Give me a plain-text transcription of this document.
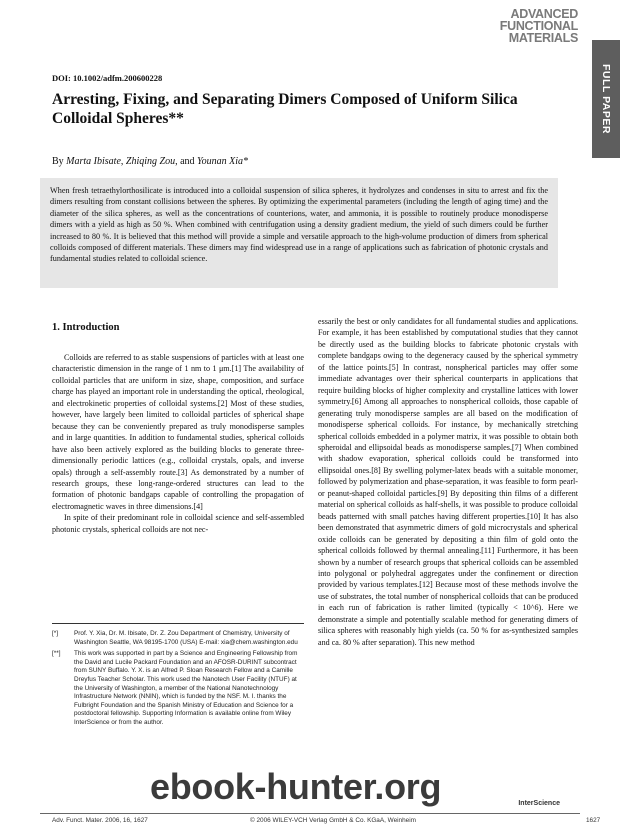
ADVANCED
FUNCTIONAL
MATERIALS
FULL PAPER
DOI: 10.1002/adfm.200600228
Arresting, Fixing, and Separating Dimers Composed of Uniform Silica Colloidal Spheres**
By Marta Ibisate, Zhiqing Zou, and Younan Xia*
When fresh tetraethylorthosilicate is introduced into a colloidal suspension of silica spheres, it hydrolyzes and condenses in situ to arrest and fix the dimers resulting from constant collisions between the spheres. By optimizing the experimental parameters (including the length of aging time) and the diameter of the silica spheres, as well as the concentrations of counterions, water, and ammonia, it is possible to routinely produce monodisperse dimers with a yield as high as 50 %. When combined with centrifugation using a density gradient medium, the yield of such dimers could be further increased to 80 %. It is believed that this method will provide a simple and versatile approach to the high-volume production of dimers from spherical colloids composed of different materials. These dimers may find widespread use in a range of applications such as fabrication of photonic crystals and fundamental studies related to colloidal science.
1. Introduction

Colloids are referred to as stable suspensions of particles with at least one characteristic dimension in the range of 1 nm to 1 μm.[1] The availability of colloidal particles that are uniform in size, shape, composition, and surface charge has played an important role in understanding the optical, rheological, and electrokinetic properties of colloidal systems.[2] Most of these studies, however, have largely been limited to colloidal particles of spherical shape because they can be conveniently prepared as truly monodisperse samples and in large quantities. In addition to fundamental studies, spherical colloids have also been actively explored as the building blocks to generate three-dimensionally periodic lattices (e.g., colloidal crystals, opals, and inverse opals) through a self-assembly route.[3] As demonstrated by a number of research groups, these long-range-ordered structures can lead to the formation of photonic bandgaps capable of controlling the propagation of electromagnetic waves in three dimensions.[4]

In spite of their predominant role in colloidal science and self-assembled photonic crystals, spherical colloids are not nec-

essarily the best or only candidates for all fundamental studies and applications. For example, it has been established by computational studies that they cannot be directly used as the building blocks to fabricate photonic crystals with complete bandgaps owing to the degeneracy caused by the spherical symmetry of the lattice points.[5] In contrast, nonspherical particles may offer some immediate advantages over their spherical counterparts in applications that require building blocks of higher complexity and crystalline lattices with lower symmetry.[6] Among all approaches to nonspherical colloids, those capable of generating truly monodisperse samples are all based on the modification of monodisperse spherical colloids. For instance, by mechanically stretching spherical colloids embedded in a polymer matrix, it was possible to obtain both spheroidal and ellipsoidal beads as monodisperse samples.[7] When combined with shadow evaporation, spherical colloids could be transformed into ellipsoidal ones.[8] By swelling polymer-latex beads with a suitable monomer, followed by polymerization and phase-separation, it was feasible to form pearl- or peanut-shaped colloidal particles.[9] By depositing thin films of a different material on spherical colloids as half-shells, it was possible to produce colloidal beads patterned with small patches having different properties.[10] It has also been demonstrated that asymmetric dimers of gold microcrystals and spherical oxide colloids can be generated by depositing a thin film of gold onto the spherical colloids followed by thermal annealing.[11] Furthermore, it has been shown by a number of research groups that spherical colloids can be assembled into polygonal or polyhedral aggregates under the confinement or direction provided by various templates.[12] Because most of these methods involve the use of substrates, the total number of nonspherical colloids that can be produced in each run of fabrication is rather limited (typically < 10^6). Here we demonstrate a simple and potentially scalable method for generating dimers of silica spheres with reasonably high yields (ca. 50 % for as-synthesized samples and ca. 80 % after separation). This new method

[*]	Prof. Y. Xia, Dr. M. Ibisate, Dr. Z. Zou Department of Chemistry, University of Washington Seattle, WA 98195-1700 (USA) E-mail: xia@chem.washington.edu
[**]	This work was supported in part by a Science and Engineering Fellowship from the David and Lucile Packard Foundation and an AFOSR-DURINT subcontract from SUNY Buffalo. Y. X. is an Alfred P. Sloan Research Fellow and a Camille Dreyfus Teacher Scholar. This work used the Nanotech User Facility (NTUF) at the University of Washington, a member of the National Nanotechnology Infrastructure Network (NNIN), which is funded by the NSF. M. I. thanks the Fulbright Foundation and the Spanish Ministry of Education and Science for a postdoctoral fellowship. Supporting Information is available online from Wiley InterScience or from the author.
Adv. Funct. Mater. 2006, 16, 1627	© 2006 WILEY-VCH Verlag GmbH & Co. KGaA, Weinheim	1627
InterScience
ebook-hunter.org
